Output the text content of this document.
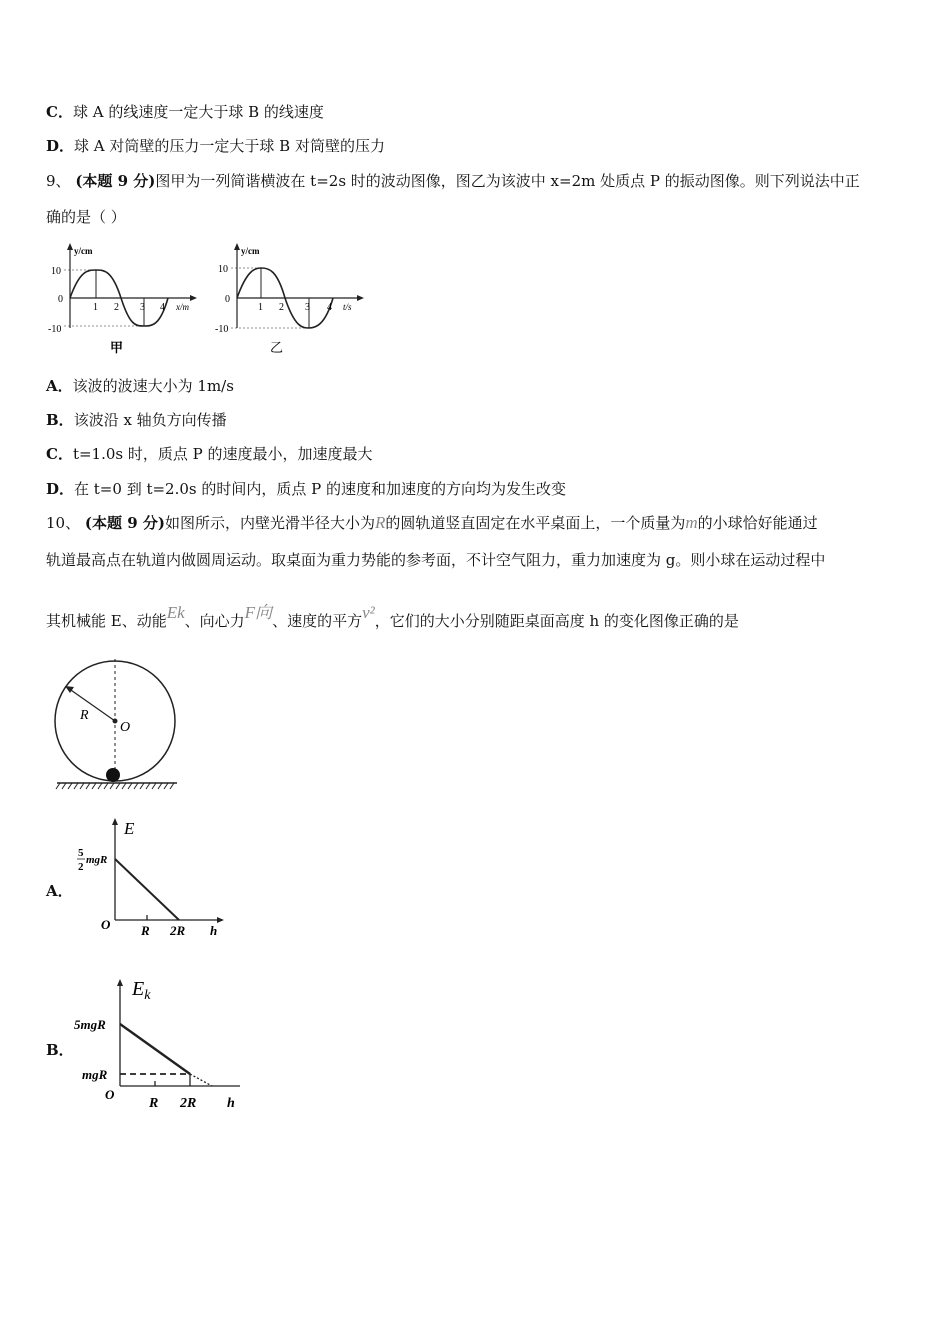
C．球 A 的线速度一定大于球 B 的线速度
D．球 A 对筒壁的压力一定大于球 B 对筒壁的压力
9、 (本题 9 分)图甲为一列简谐横波在 t=2s 时的波动图像，图乙为该波中 x=2m 处质点 P 的振动图像。则下列说法中正
确的是（ ）
y/cm
10
0
-10
1 2 3 4 x/m
甲
y/cm
10
0
-10
1 2 3 4 t/s
乙
A．该波的波速大小为 1m/s
B．该波沿 x 轴负方向传播
C．t=1.0s 时，质点 P 的速度最小，加速度最大
D．在 t=0 到 t=2.0s 的时间内，质点 P 的速度和加速度的方向均为发生改变
10、 (本题 9 分)如图所示，内壁光滑半径大小为R的圆轨道竖直固定在水平桌面上，一个质量为m的小球恰好能通过
轨道最高点在轨道内做圆周运动。取桌面为重力势能的参考面，不计空气阻力，重力加速度为 g。则小球在运动过程中
其机械能 E、动能Ek、向心力F向、速度的平方v²，它们的大小分别随距桌面高度 h 的变化图像正确的是
R
O
A．
E
5
2
mgR
O R 2R h
B．
$E_k$
5mgR
mgR
O
R 2R h
